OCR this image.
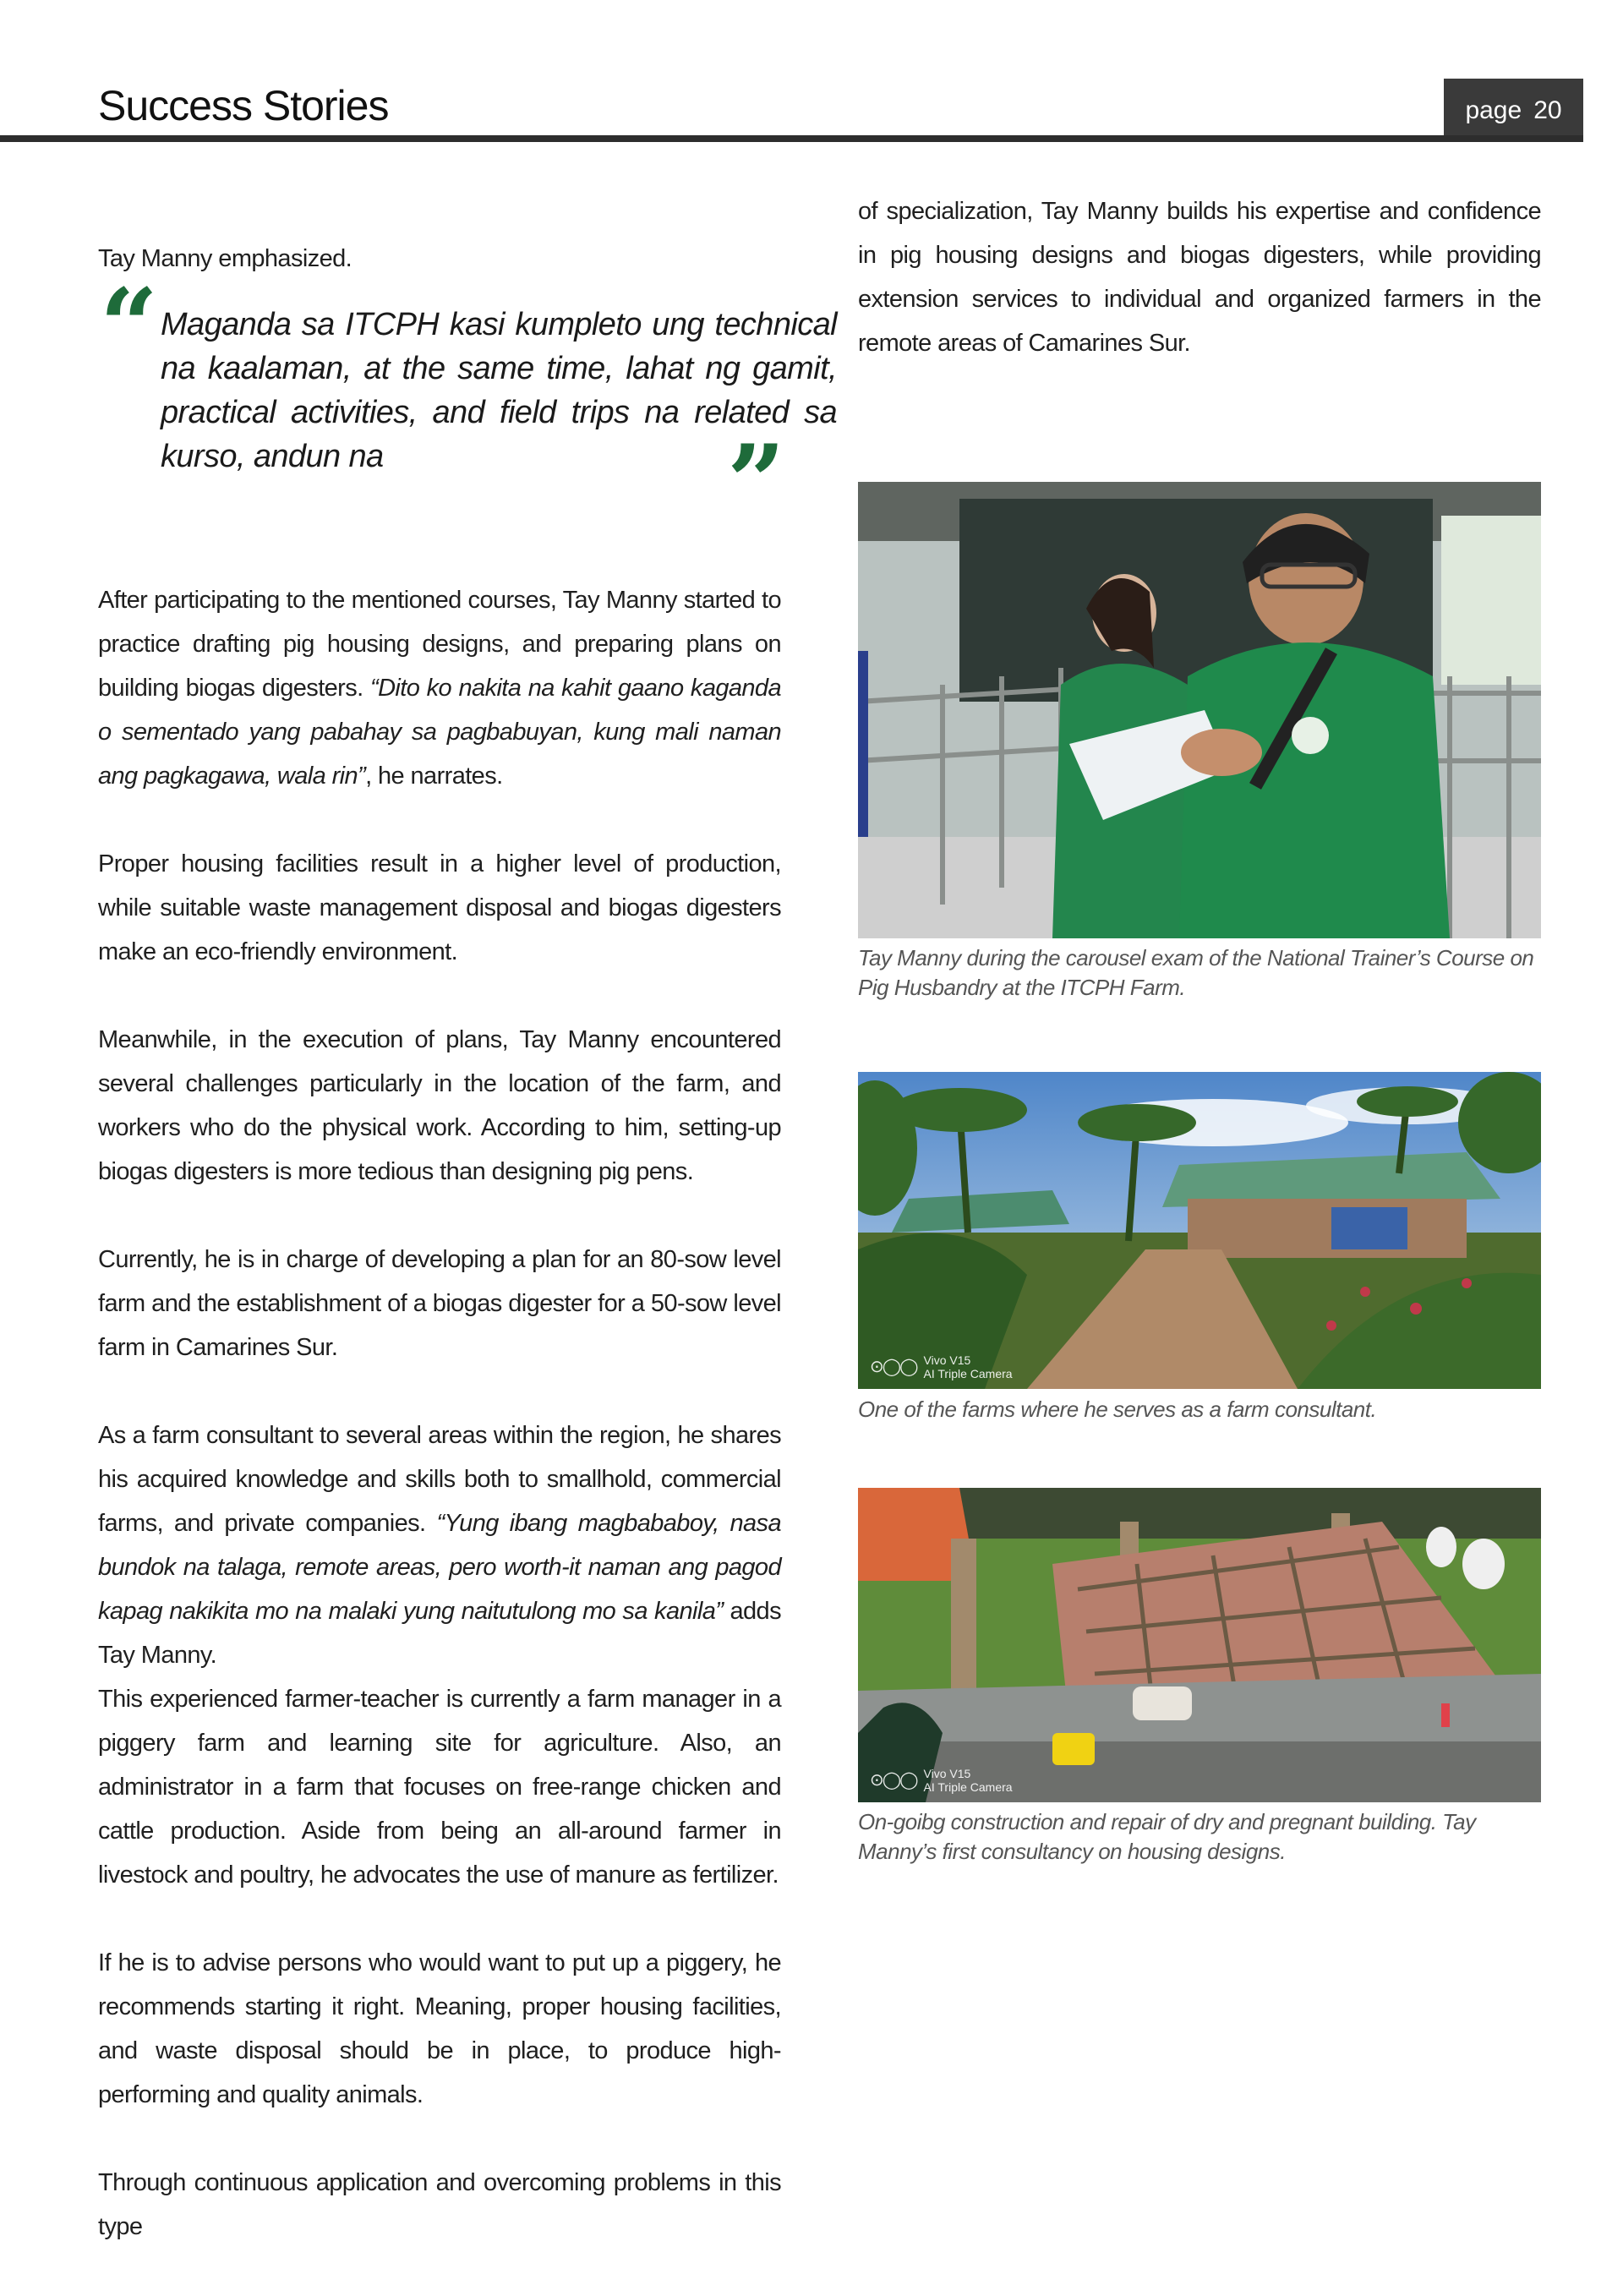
Success Stories	page 20
Tay Manny emphasized.
“ Maganda sa ITCPH kasi kumpleto ung technical na kaalaman, at the same time, lahat ng gamit, practical activities, and field trips na related sa kurso, andun na	”

After participating to the mentioned courses, Tay Manny started to practice drafting pig housing designs, and preparing plans on building biogas digesters. “Dito ko nakita na kahit gaano kaganda o sementado yang pabahay sa pagbabuyan, kung mali naman ang pagkagawa, wala rin”, he narrates.

Proper housing facilities result in a higher level of production, while suitable waste management disposal and biogas digesters make an eco-friendly environment.

Meanwhile, in the execution of plans, Tay Manny encountered several challenges particularly in the location of the farm, and workers who do the physical work. According to him, setting-up biogas digesters is more tedious than designing pig pens.

Currently, he is in charge of developing a plan for an 80-sow level farm and the establishment of a biogas digester for a 50-sow level farm in Camarines Sur.

As a farm consultant to several areas within the region, he shares his acquired knowledge and skills both to smallhold, commercial farms, and private companies. “Yung ibang magbababoy, nasa bundok na talaga, remote areas, pero worth-it naman ang pagod kapag nakikita mo na malaki yung naitutulong mo sa kanila” adds Tay Manny.

This experienced farmer-teacher is currently a farm manager in a piggery farm and learning site for agriculture. Also, an administrator in a farm that focuses on free-range chicken and cattle production. Aside from being an all-around farmer in livestock and poultry, he advocates the use of manure as fertilizer.

If he is to advise persons who would want to put up a piggery, he recommends starting it right. Meaning, proper housing facilities, and waste disposal should be in place, to produce high-performing and quality animals.

Through continuous application and overcoming problems in this type

of specialization, Tay Manny builds his expertise and confidence in pig housing designs and biogas digesters, while providing extension services to individual and organized farmers in the remote areas of Camarines Sur.

Tay Manny during the carousel exam of the National Trainer’s Course on Pig Husbandry at the ITCPH Farm.
⊙◯◯ Vivo V15
AI Triple Camera
One of the farms where he serves as a farm consultant.
⊙◯◯ Vivo V15
AI Triple Camera
On-goibg construction and repair of dry and pregnant building. Tay Manny’s first consultancy on housing designs.
